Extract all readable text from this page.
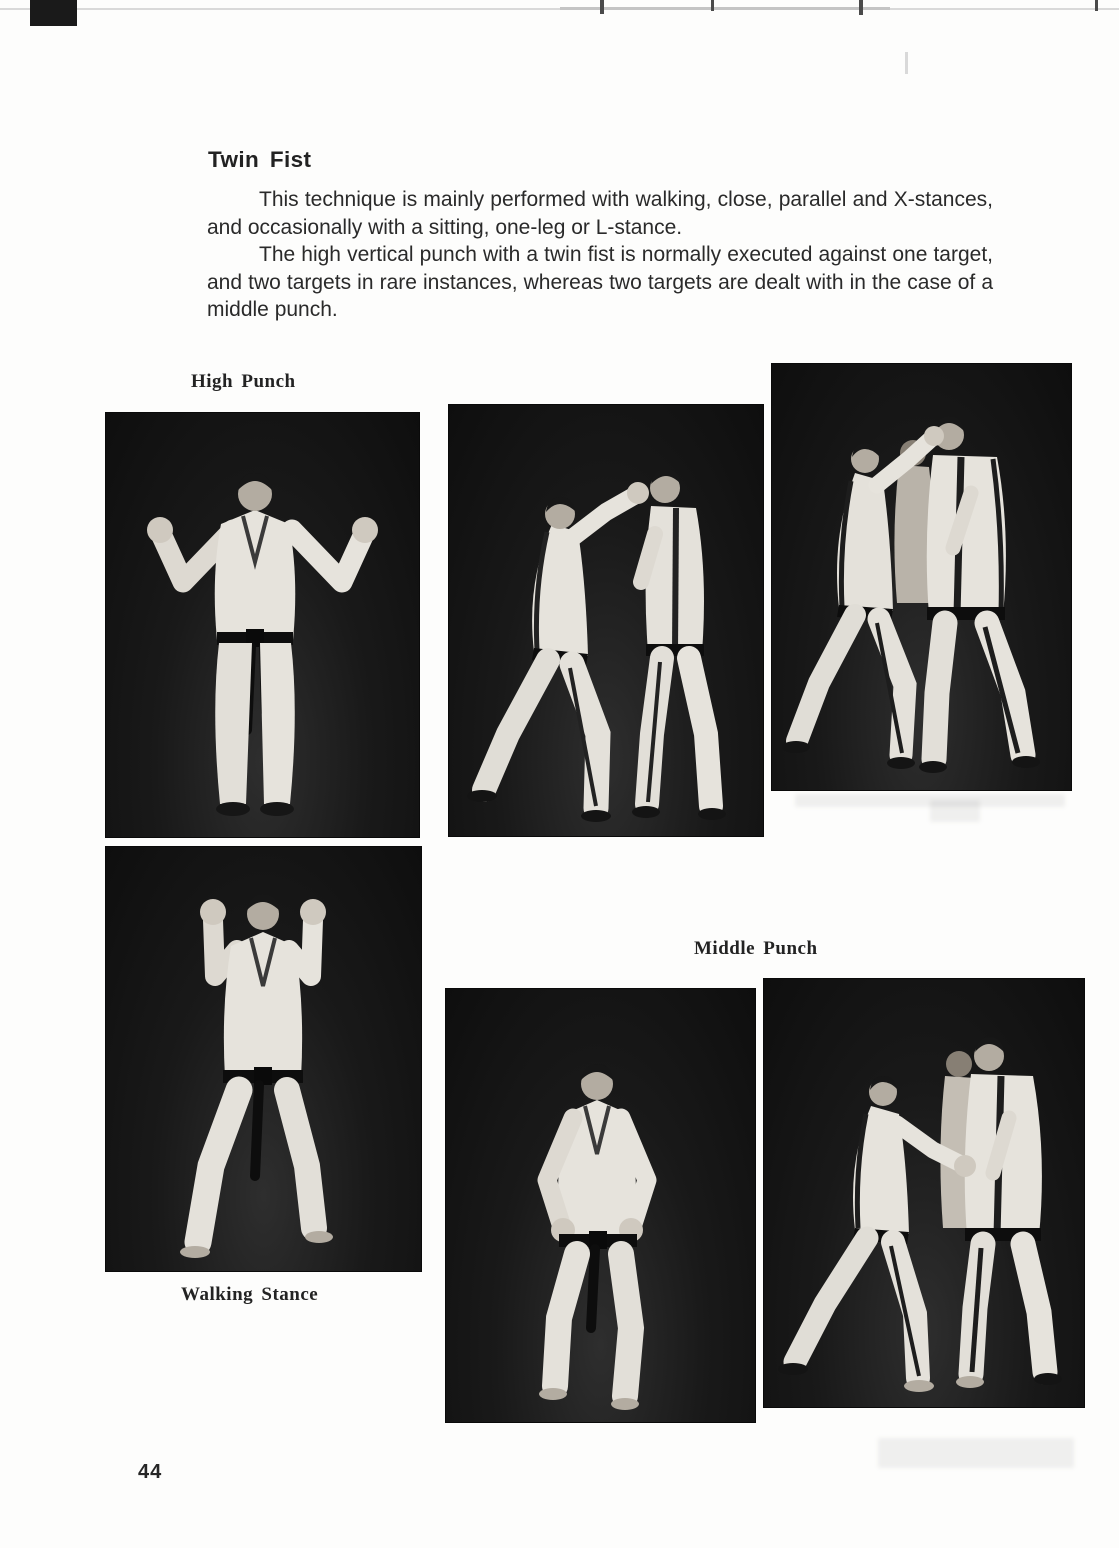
Twin Fist

This technique is mainly performed with walking, close, parallel and X-stances, and occasionally with a sitting, one-leg or L-stance.

The high vertical punch with a twin fist is normally executed against one target, and two targets in rare instances, whereas two targets are dealt with in the case of a middle punch.

High Punch
Middle Punch
Walking Stance
44
